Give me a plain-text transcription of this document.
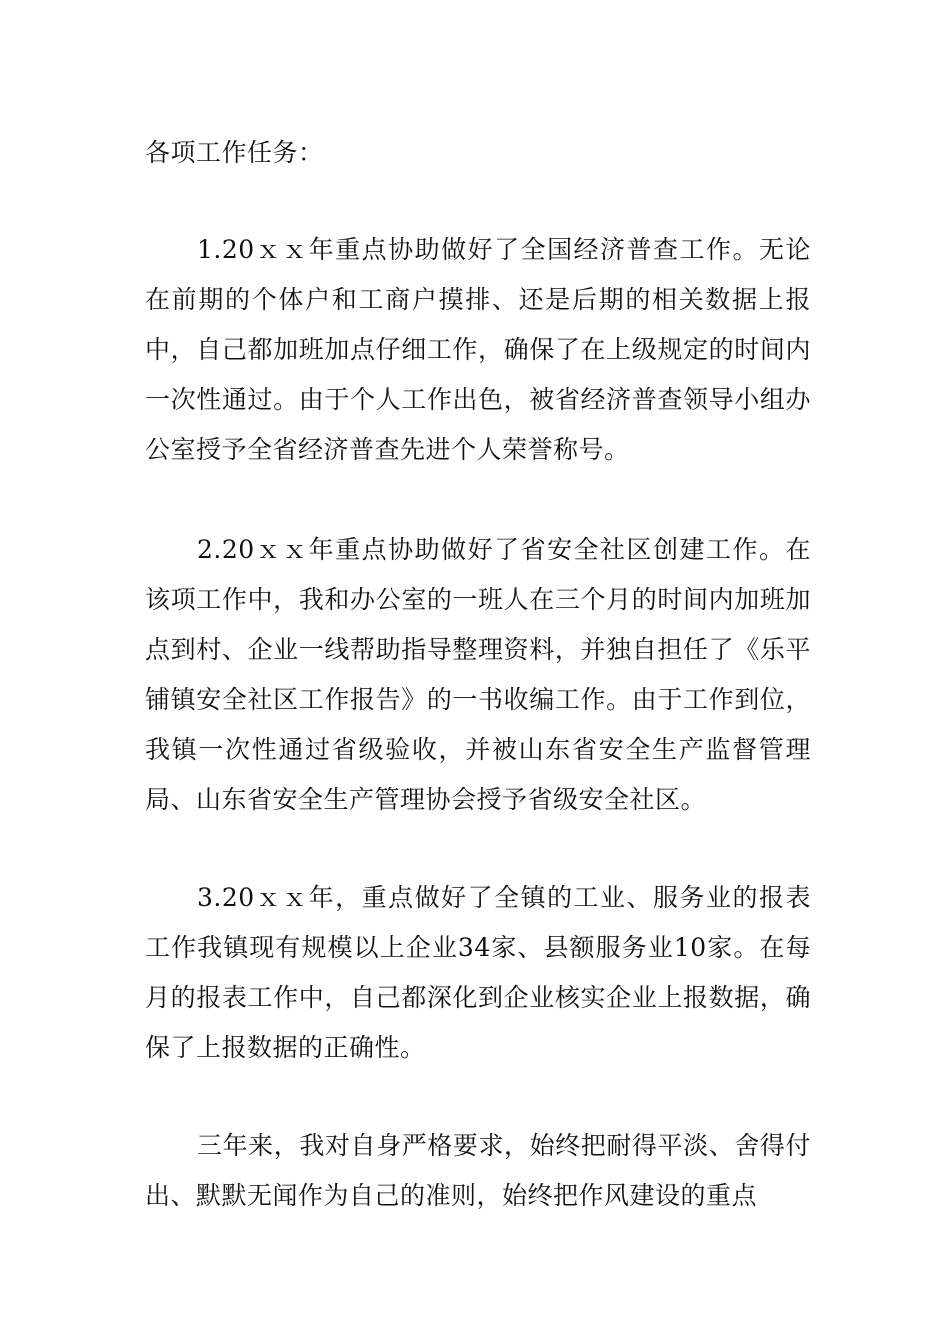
各项工作任务：

1.20ｘｘ年重点协助做好了全国经济普查工作。无论在前期的个体户和工商户摸排、还是后期的相关数据上报中，自己都加班加点仔细工作，确保了在上级规定的时间内一次性通过。由于个人工作出色，被省经济普查领导小组办公室授予全省经济普查先进个人荣誉称号。

2.20ｘｘ年重点协助做好了省安全社区创建工作。在该项工作中，我和办公室的一班人在三个月的时间内加班加点到村、企业一线帮助指导整理资料，并独自担任了《乐平铺镇安全社区工作报告》的一书收编工作。由于工作到位，我镇一次性通过省级验收，并被山东省安全生产监督管理局、山东省安全生产管理协会授予省级安全社区。

3.20ｘｘ年，重点做好了全镇的工业、服务业的报表工作我镇现有规模以上企业34家、县额服务业10家。在每月的报表工作中，自己都深化到企业核实企业上报数据，确保了上报数据的正确性。

三年来，我对自身严格要求，始终把耐得平淡、舍得付出、默默无闻作为自己的准则，始终把作风建设的重点
